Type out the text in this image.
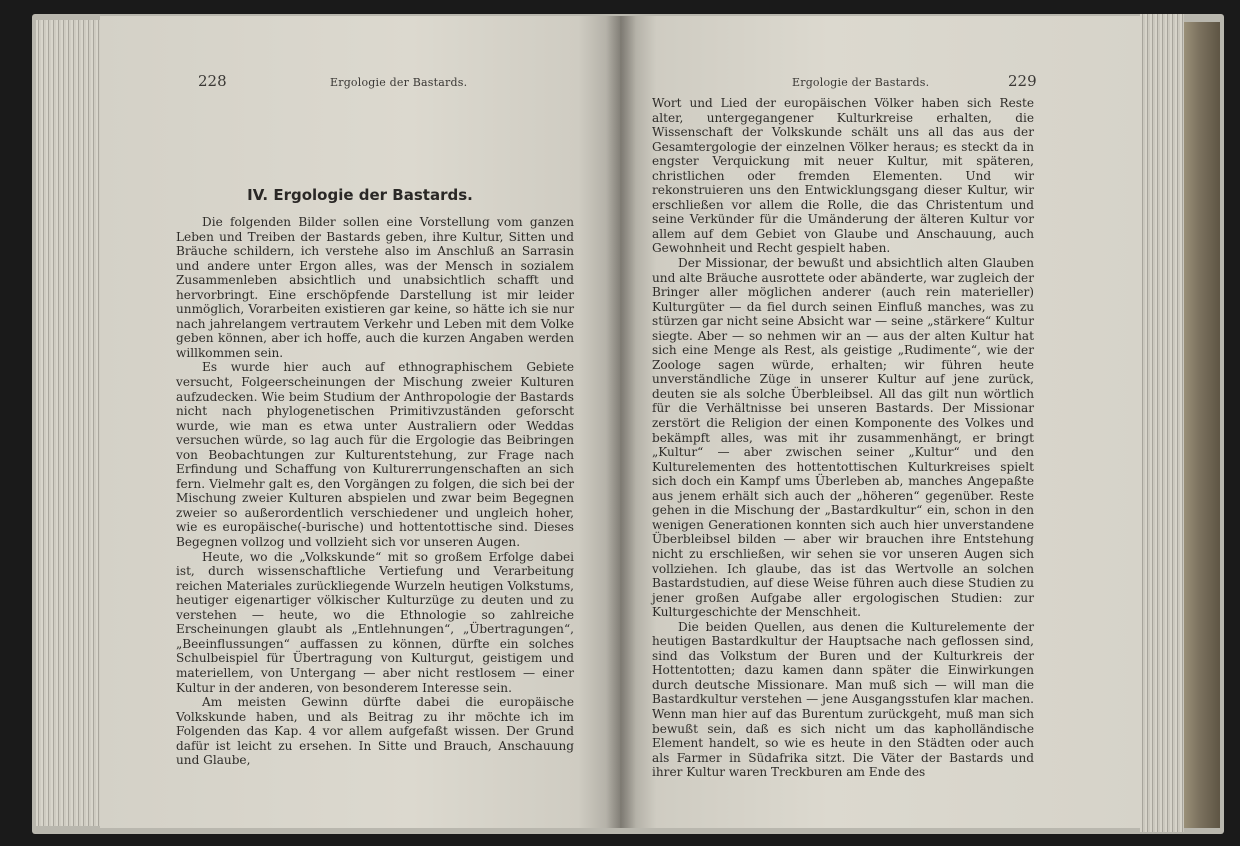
228	Ergologie der Bastards.
IV. Ergologie der Bastards.

Die folgenden Bilder sollen eine Vorstellung vom ganzen Leben und Treiben der Bastards geben, ihre Kultur, Sitten und Bräuche schildern, ich verstehe also im Anschluß an Sarrasin und andere unter Ergon alles, was der Mensch in sozialem Zusammenleben absichtlich und unabsichtlich schafft und hervorbringt. Eine erschöpfende Darstellung ist mir leider unmöglich, Vorarbeiten existieren gar keine, so hätte ich sie nur nach jahrelangem vertrautem Verkehr und Leben mit dem Volke geben können, aber ich hoffe, auch die kurzen Angaben werden willkommen sein.

Es wurde hier auch auf ethnographischem Gebiete versucht, Folgeerscheinungen der Mischung zweier Kulturen aufzudecken. Wie beim Studium der Anthropologie der Bastards nicht nach phylogenetischen Primitivzuständen geforscht wurde, wie man es etwa unter Australiern oder Weddas versuchen würde, so lag auch für die Ergologie das Beibringen von Beobachtungen zur Kulturentstehung, zur Frage nach Erfindung und Schaffung von Kulturerrungenschaften an sich fern. Vielmehr galt es, den Vorgängen zu folgen, die sich bei der Mischung zweier Kulturen abspielen und zwar beim Begegnen zweier so außerordentlich verschiedener und ungleich hoher, wie es europäische(-burische) und hottentottische sind. Dieses Begegnen vollzog und vollzieht sich vor unseren Augen.

Heute, wo die „Volkskunde“ mit so großem Erfolge dabei ist, durch wissenschaftliche Vertiefung und Verarbeitung reichen Materiales zurückliegende Wurzeln heutigen Volkstums, heutiger eigenartiger völkischer Kulturzüge zu deuten und zu verstehen — heute, wo die Ethnologie so zahlreiche Erscheinungen glaubt als „Entlehnungen“, „Übertragungen“, „Beeinflussungen“ auffassen zu können, dürfte ein solches Schulbeispiel für Übertragung von Kulturgut, geistigem und materiellem, von Untergang — aber nicht restlosem — einer Kultur in der anderen, von besonderem Interesse sein.

Am meisten Gewinn dürfte dabei die europäische Volkskunde haben, und als Beitrag zu ihr möchte ich im Folgenden das Kap. 4 vor allem aufgefaßt wissen. Der Grund dafür ist leicht zu ersehen. In Sitte und Brauch, Anschauung und Glaube,

Ergologie der Bastards.	229

Wort und Lied der europäischen Völker haben sich Reste alter, untergegangener Kulturkreise erhalten, die Wissenschaft der Volkskunde schält uns all das aus der Gesamtergologie der einzelnen Völker heraus; es steckt da in engster Verquickung mit neuer Kultur, mit späteren, christlichen oder fremden Elementen. Und wir rekonstruieren uns den Entwicklungsgang dieser Kultur, wir erschließen vor allem die Rolle, die das Christentum und seine Verkünder für die Umänderung der älteren Kultur vor allem auf dem Gebiet von Glaube und Anschauung, auch Gewohnheit und Recht gespielt haben.

Der Missionar, der bewußt und absichtlich alten Glauben und alte Bräuche ausrottete oder abänderte, war zugleich der Bringer aller möglichen anderer (auch rein materieller) Kulturgüter — da fiel durch seinen Einfluß manches, was zu stürzen gar nicht seine Absicht war — seine „stärkere“ Kultur siegte. Aber — so nehmen wir an — aus der alten Kultur hat sich eine Menge als Rest, als geistige „Rudimente“, wie der Zoologe sagen würde, erhalten; wir führen heute unverständliche Züge in unserer Kultur auf jene zurück, deuten sie als solche Überbleibsel. All das gilt nun wörtlich für die Verhältnisse bei unseren Bastards. Der Missionar zerstört die Religion der einen Komponente des Volkes und bekämpft alles, was mit ihr zusammenhängt, er bringt „Kultur“ — aber zwischen seiner „Kultur“ und den Kulturelementen des hottentottischen Kulturkreises spielt sich doch ein Kampf ums Überleben ab, manches Angepaßte aus jenem erhält sich auch der „höheren“ gegenüber. Reste gehen in die Mischung der „Bastardkultur“ ein, schon in den wenigen Generationen konnten sich auch hier unverstandene Überbleibsel bilden — aber wir brauchen ihre Entstehung nicht zu erschließen, wir sehen sie vor unseren Augen sich vollziehen. Ich glaube, das ist das Wertvolle an solchen Bastardstudien, auf diese Weise führen auch diese Studien zu jener großen Aufgabe aller ergologischen Studien: zur Kulturgeschichte der Menschheit.

Die beiden Quellen, aus denen die Kulturelemente der heutigen Bastardkultur der Hauptsache nach geflossen sind, sind das Volkstum der Buren und der Kulturkreis der Hottentotten; dazu kamen dann später die Einwirkungen durch deutsche Missionare. Man muß sich — will man die Bastardkultur verstehen — jene Ausgangsstufen klar machen. Wenn man hier auf das Burentum zurückgeht, muß man sich bewußt sein, daß es sich nicht um das kapholländische Element handelt, so wie es heute in den Städten oder auch als Farmer in Südafrika sitzt. Die Väter der Bastards und ihrer Kultur waren Treckburen am Ende des
